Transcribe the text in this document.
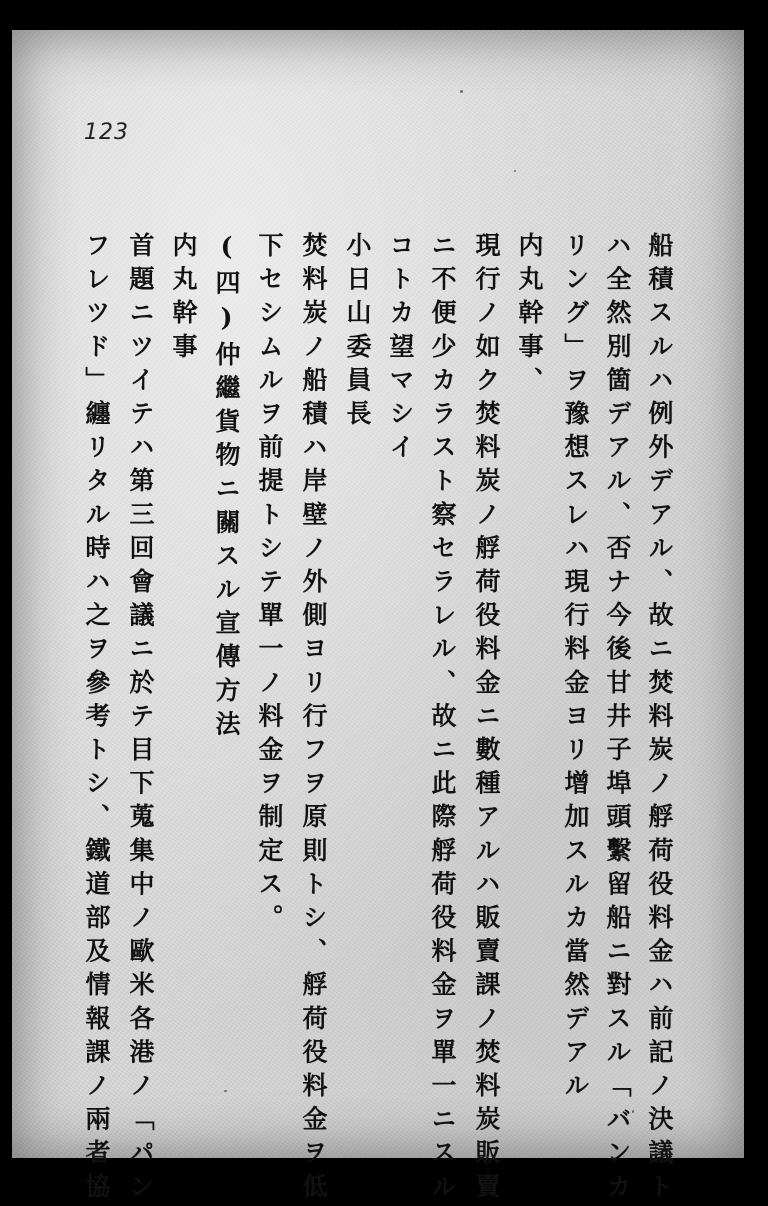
123
船積スルハ例外デアル、故ニ焚料炭ノ艀荷役料金ハ前記ノ決議ト
ハ全然別箇デアル、否ナ今後甘井子埠頭繫留船ニ對スル「バンカ
リング」ヲ豫想スレハ現行料金ヨリ增加スルカ當然デアル
内丸幹事、
現行ノ如ク焚料炭ノ艀荷役料金ニ數種アルハ販賣課ノ焚料炭販賣
ニ不便少カラスト察セラレル、故ニ此際艀荷役料金ヲ單一ニスル
コトカ望マシイ
小日山委員長
焚料炭ノ船積ハ岸壁ノ外側ヨリ行フヲ原則トシ、艀荷役料金ヲ低
下セシムルヲ前提トシテ單一ノ料金ヲ制定ス。
(四)仲繼貨物ニ關スル宣傳方法
内丸幹事
首題ニツイテハ第三回會議ニ於テ目下蒐集中ノ歐米各港ノ「パン
フレツド」纏リタル時ハ之ヲ參考トシ、鐵道部及情報課ノ兩者協
